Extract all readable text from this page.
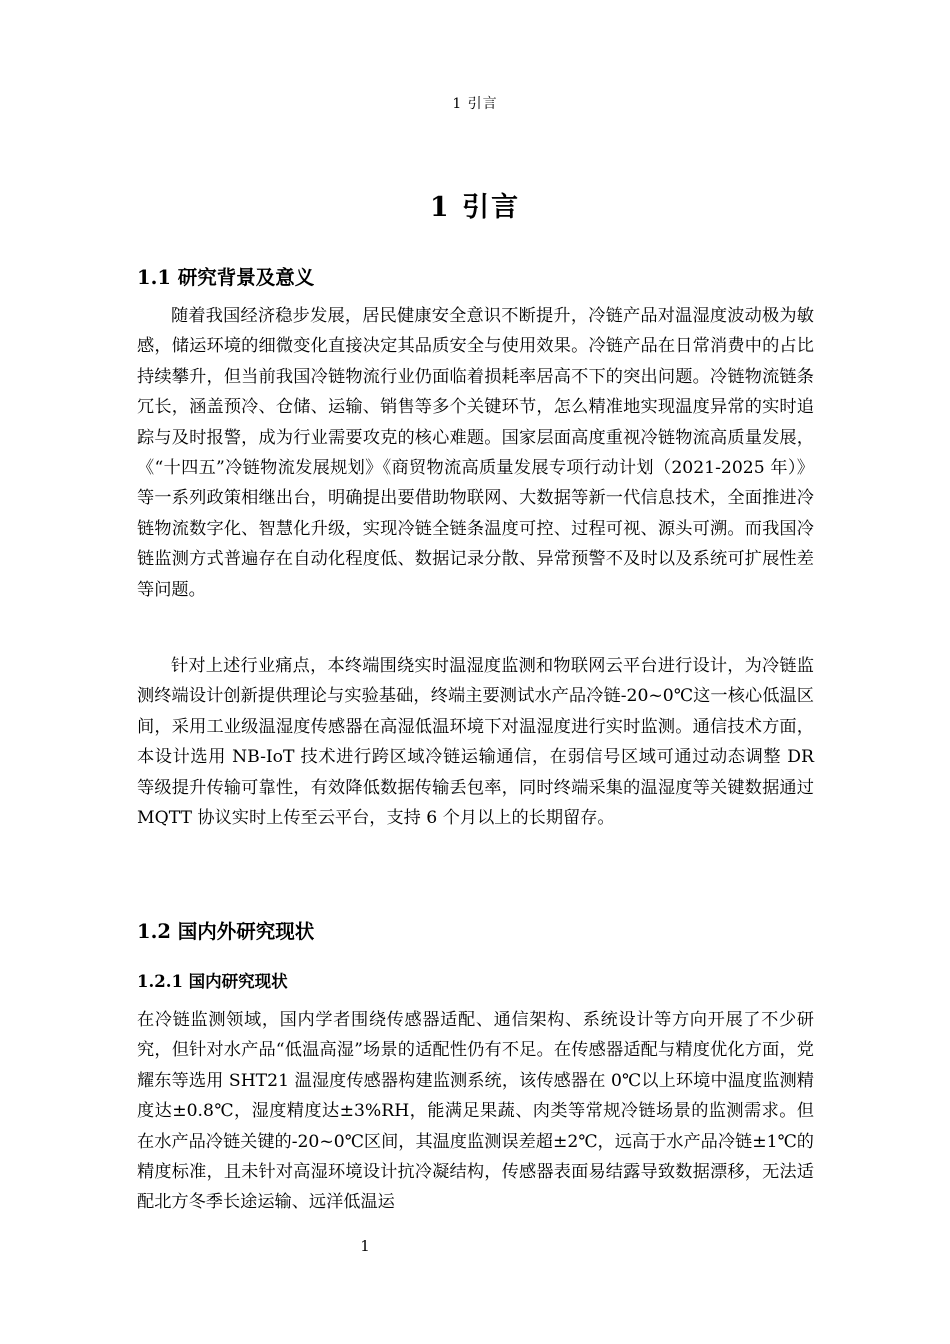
1 引言
1 引言
1.1 研究背景及意义

随着我国经济稳步发展，居民健康安全意识不断提升，冷链产品对温湿度波动极为敏感，储运环境的细微变化直接决定其品质安全与使用效果。冷链产品在日常消费中的占比持续攀升，但当前我国冷链物流行业仍面临着损耗率居高不下的突出问题。冷链物流链条冗长，涵盖预冷、仓储、运输、销售等多个关键环节，怎么精准地实现温度异常的实时追踪与及时报警，成为行业需要攻克的核心难题。国家层面高度重视冷链物流高质量发展，《“十四五”冷链物流发展规划》《商贸物流高质量发展专项行动计划（2021-2025 年）》等一系列政策相继出台，明确提出要借助物联网、大数据等新一代信息技术，全面推进冷链物流数字化、智慧化升级，实现冷链全链条温度可控、过程可视、源头可溯。而我国冷链监测方式普遍存在自动化程度低、数据记录分散、异常预警不及时以及系统可扩展性差等问题。

针对上述行业痛点，本终端围绕实时温湿度监测和物联网云平台进行设计，为冷链监测终端设计创新提供理论与实验基础，终端主要测试水产品冷链-20~0℃这一核心低温区间，采用工业级温湿度传感器在高湿低温环境下对温湿度进行实时监测。通信技术方面，本设计选用 NB-IoT 技术进行跨区域冷链运输通信，在弱信号区域可通过动态调整 DR 等级提升传输可靠性，有效降低数据传输丢包率，同时终端采集的温湿度等关键数据通过 MQTT 协议实时上传至云平台，支持 6 个月以上的长期留存。

1.2 国内外研究现状
1.2.1 国内研究现状

在冷链监测领域，国内学者围绕传感器适配、通信架构、系统设计等方向开展了不少研究，但针对水产品“低温高湿”场景的适配性仍有不足。在传感器适配与精度优化方面，党耀东等选用 SHT21 温湿度传感器构建监测系统，该传感器在 0℃以上环境中温度监测精度达±0.8℃，湿度精度达±3%RH，能满足果蔬、肉类等常规冷链场景的监测需求。但在水产品冷链关键的-20~0℃区间，其温度监测误差超±2℃，远高于水产品冷链±1℃的精度标准，且未针对高湿环境设计抗冷凝结构，传感器表面易结露导致数据漂移，无法适配北方冬季长途运输、远洋低温运

1
